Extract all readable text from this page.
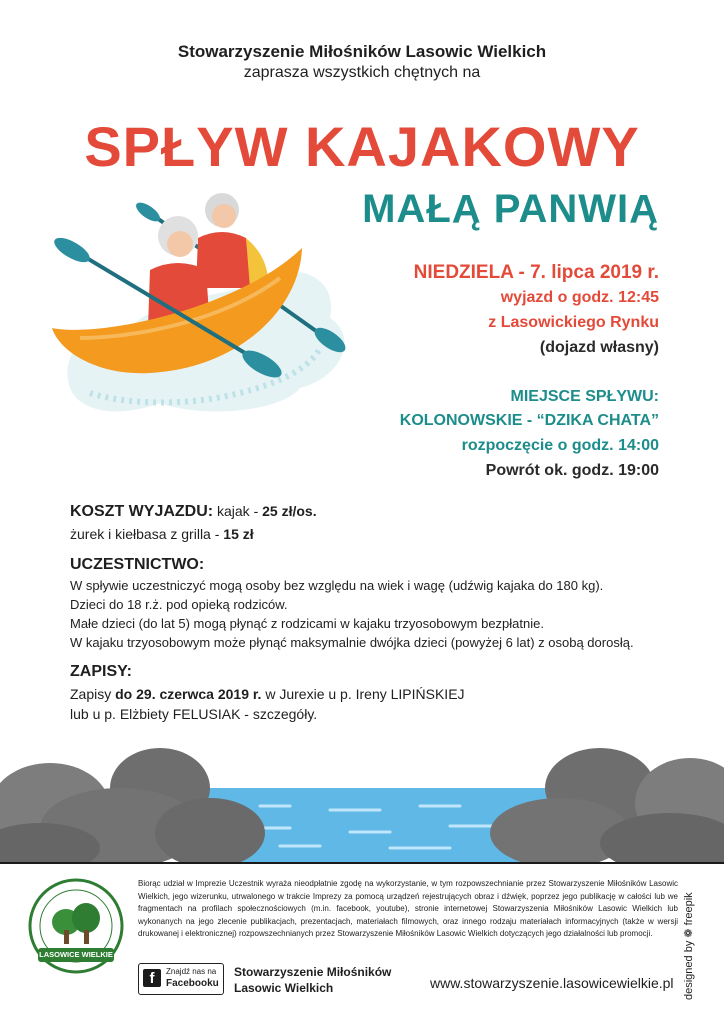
Stowarzyszenie Miłośników Lasowic Wielkich
zaprasza wszystkich chętnych na
SPŁYW KAJAKOWY
MAŁĄ PANWIĄ
NIEDZIELA - 7. lipca 2019 r.
wyjazd o godz. 12:45
z Lasowickiego Rynku
(dojazd własny)
MIEJSCE SPŁYWU:
KOLONOWSKIE - “DZIKA CHATA”
rozpoczęcie o godz. 14:00
Powrót ok. godz. 19:00
KOSZT WYJAZDU: kajak - 25 zł/os.
żurek i kiełbasa z grilla - 15 zł
UCZESTNICTWO:
W spływie uczestniczyć mogą osoby bez względu na wiek i wagę (udźwig kajaka do 180 kg).
Dzieci do 18 r.ż. pod opieką rodziców.
Małe dzieci (do lat 5) mogą płynąć z rodzicami w kajaku trzyosobowym bezpłatnie.
W kajaku trzyosobowym może płynąć maksymalnie dwójka dzieci (powyżej 6 lat) z osobą dorosłą.
ZAPISY:
Zapisy do 29. czerwca 2019 r. w Jurexie u p. Ireny LIPIŃSKIEJ
lub u p. Elżbiety FELUSIAK - szczegóły.
LASOWICE WIELKIE
Biorąc udział w Imprezie Uczestnik wyraża nieodpłatnie zgodę na wykorzystanie, w tym rozpowszechnianie przez Stowarzyszenie Miłośników Lasowic Wielkich, jego wizerunku, utrwalonego w trakcie Imprezy za pomocą urządzeń rejestrujących obraz i dźwięk, poprzez jego publikację w całości lub we fragmentach na profilach społecznościowych (m.in. facebook, youtube), stronie internetowej Stowarzyszenia Miłośników Lasowic Wielkich lub wykonanych na jego zlecenie publikacjach, prezentacjach, materiałach filmowych, oraz innego rodzaju materiałach informacyjnych (także w wersji drukowanej i elektronicznej) rozpowszechnianych przez Stowarzyszenie Miłośników Lasowic Wielkich dotyczących jego działalności lub promocji.
f	Znajdź nas na
Facebooku
Stowarzyszenie Miłośników
Lasowic Wielkich	www.stowarzyszenie.lasowicewielkie.pl designed by ❁ freepik
